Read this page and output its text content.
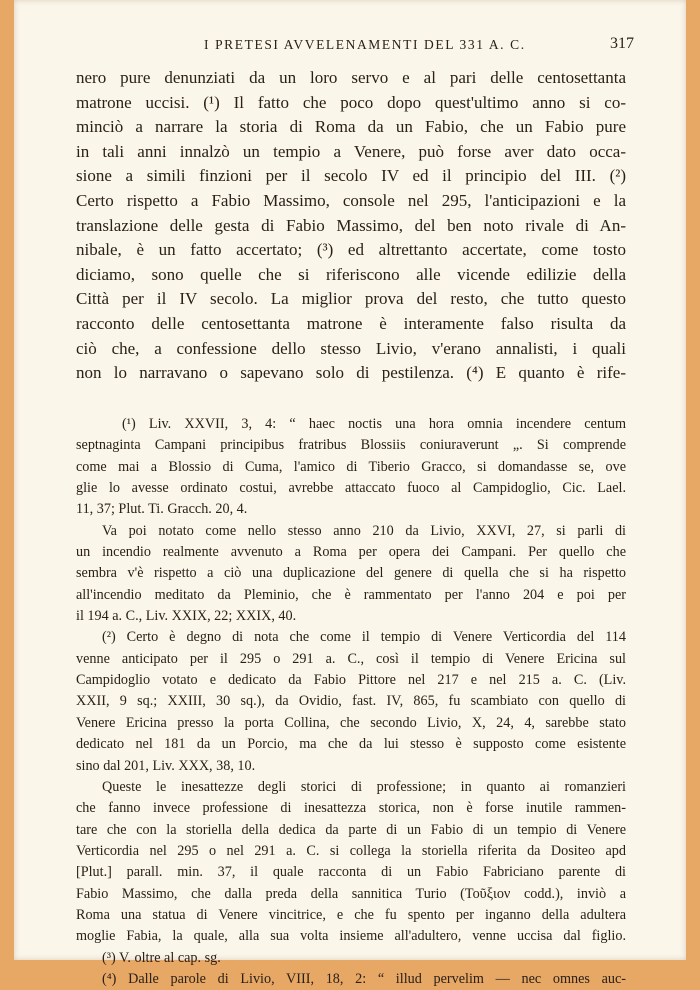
I PRETESI AVVELENAMENTI DEL 331 A. C.	317
nero pure denunziati da un loro servo e al pari delle centosettanta
matrone uccisi. (¹) Il fatto che poco dopo quest'ultimo anno si co-
minciò a narrare la storia di Roma da un Fabio, che un Fabio pure
in tali anni innalzò un tempio a Venere, può forse aver dato occa-
sione a simili finzioni per il secolo IV ed il principio del III. (²)
Certo rispetto a Fabio Massimo, console nel 295, l'anticipazioni e la
translazione delle gesta di Fabio Massimo, del ben noto rivale di An-
nibale, è un fatto accertato; (³) ed altrettanto accertate, come tosto
diciamo, sono quelle che si riferiscono alle vicende edilizie della
Città per il IV secolo. La miglior prova del resto, che tutto questo
racconto delle centosettanta matrone è interamente falso risulta da
ciò che, a confessione dello stesso Livio, v'erano annalisti, i quali
non lo narravano o sapevano solo di pestilenza. (⁴) E quanto è rife-
(¹) Liv. XXVII, 3, 4: “ haec noctis una hora omnia incendere centum
septnaginta Campani principibus fratribus Blossiis coniuraverunt „. Si comprende
come mai a Blossio di Cuma, l'amico di Tiberio Gracco, si domandasse se, ove
glie lo avesse ordinato costui, avrebbe attaccato fuoco al Campidoglio, Cic. Lael.
11, 37; Plut. Ti. Gracch. 20, 4.
Va poi notato come nello stesso anno 210 da Livio, XXVI, 27, si parli di
un incendio realmente avvenuto a Roma per opera dei Campani. Per quello che
sembra v'è rispetto a ciò una duplicazione del genere di quella che si ha rispetto
all'incendio meditato da Pleminio, che è rammentato per l'anno 204 e poi per
il 194 a. C., Liv. XXIX, 22; XXIX, 40.
(²) Certo è degno di nota che come il tempio di Venere Verticordia del 114
venne anticipato per il 295 o 291 a. C., così il tempio di Venere Ericina sul
Campidoglio votato e dedicato da Fabio Pittore nel 217 e nel 215 a. C. (Liv.
XXII, 9 sq.; XXIII, 30 sq.), da Ovidio, fast. IV, 865, fu scambiato con quello di
Venere Ericina presso la porta Collina, che secondo Livio, X, 24, 4, sarebbe stato
dedicato nel 181 da un Porcio, ma che da lui stesso è supposto come esistente
sino dal 201, Liv. XXX, 38, 10.
Queste le inesattezze degli storici di professione; in quanto ai romanzieri
che fanno invece professione di inesattezza storica, non è forse inutile rammen-
tare che con la storiella della dedica da parte di un Fabio di un tempio di Venere
Verticordia nel 295 o nel 291 a. C. si collega la storiella riferita da Dositeo apd
[Plut.] parall. min. 37, il quale racconta di un Fabio Fabriciano parente di
Fabio Massimo, che dalla preda della sannitica Turio (Τοῦξιον codd.), inviò a
Roma una statua di Venere vincitrice, e che fu spento per inganno della adultera
moglie Fabia, la quale, alla sua volta insieme all'adultero, venne uccisa dal figlio.
(³) V. oltre al cap. sg.
(⁴) Dalle parole di Livio, VIII, 18, 2: “ illud pervelim — nec omnes auc-
